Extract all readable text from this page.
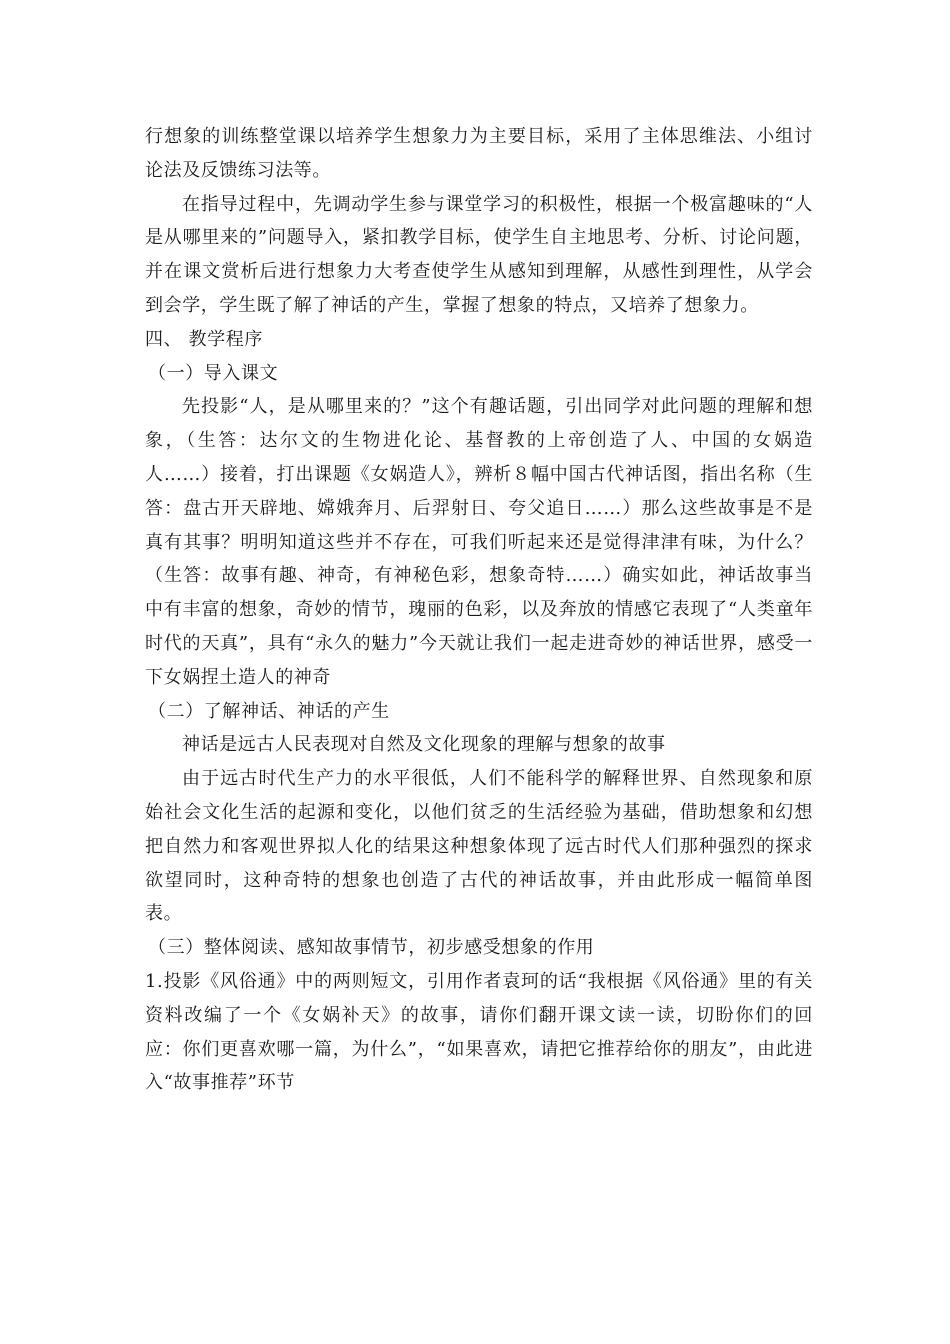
行想象的训练整堂课以培养学生想象力为主要目标，采用了主体思维法、小组讨论法及反馈练习法等。

在指导过程中，先调动学生参与课堂学习的积极性，根据一个极富趣味的“人是从哪里来的”问题导入，紧扣教学目标，使学生自主地思考、分析、讨论问题，并在课文赏析后进行想象力大考查使学生从感知到理解，从感性到理性，从学会到会学，学生既了解了神话的产生，掌握了想象的特点，又培养了想象力。

四、 教学程序

（一）导入课文

先投影“人，是从哪里来的？”这个有趣话题，引出同学对此问题的理解和想象，（生答：达尔文的生物进化论、基督教的上帝创造了人、中国的女娲造人……）接着，打出课题《女娲造人》，辨析８幅中国古代神话图，指出名称（生答：盘古开天辟地、嫦娥奔月、后羿射日、夸父追日……）那么这些故事是不是真有其事？明明知道这些并不存在，可我们听起来还是觉得津津有味，为什么？（生答：故事有趣、神奇，有神秘色彩，想象奇特……）确实如此，神话故事当中有丰富的想象，奇妙的情节，瑰丽的色彩，以及奔放的情感它表现了“人类童年时代的天真”，具有“永久的魅力”今天就让我们一起走进奇妙的神话世界，感受一下女娲捏土造人的神奇

（二）了解神话、神话的产生

神话是远古人民表现对自然及文化现象的理解与想象的故事

由于远古时代生产力的水平很低，人们不能科学的解释世界、自然现象和原始社会文化生活的起源和变化，以他们贫乏的生活经验为基础，借助想象和幻想把自然力和客观世界拟人化的结果这种想象体现了远古时代人们那种强烈的探求欲望同时，这种奇特的想象也创造了古代的神话故事，并由此形成一幅简单图表。

（三）整体阅读、感知故事情节，初步感受想象的作用

1.投影《风俗通》中的两则短文，引用作者袁珂的话“我根据《风俗通》里的有关资料改编了一个《女娲补天》的故事，请你们翻开课文读一读，切盼你们的回应：你们更喜欢哪一篇，为什么”，“如果喜欢，请把它推荐给你的朋友”，由此进入“故事推荐”环节
